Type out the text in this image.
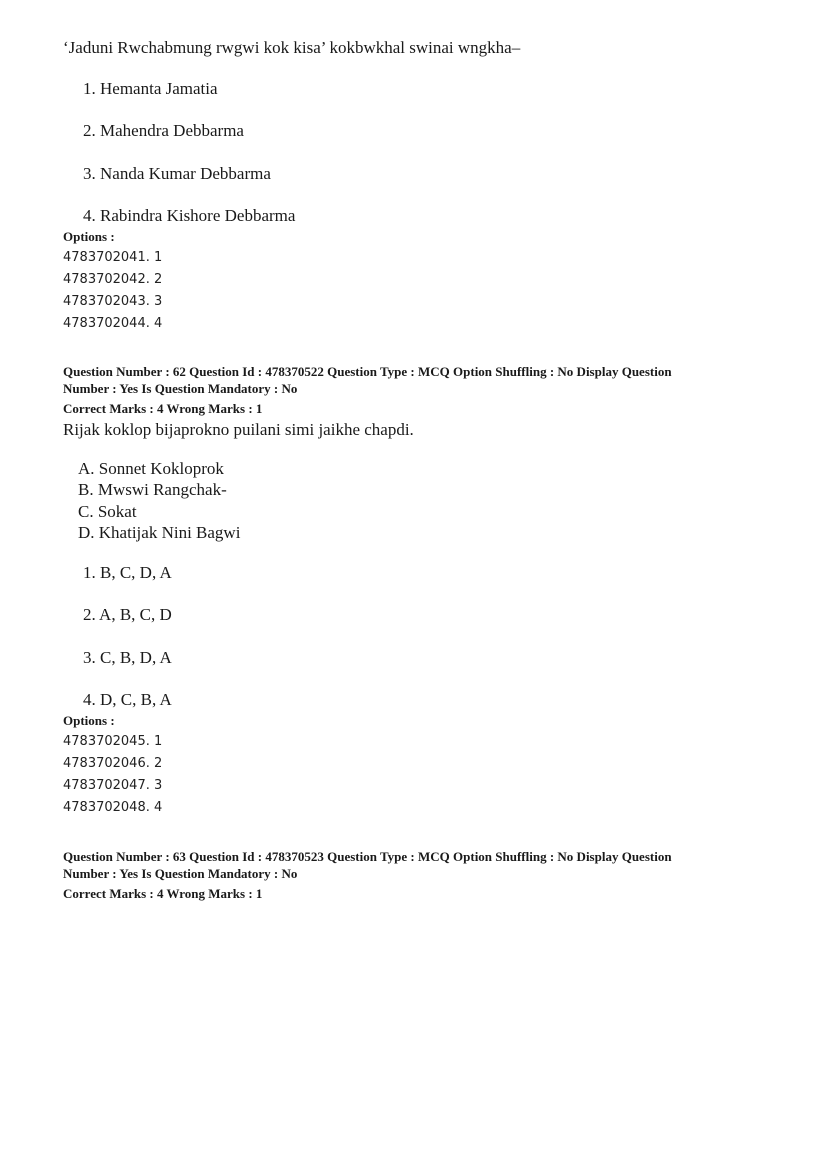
‘Jaduni Rwchabmung rwgwi kok kisa’ kokbwkhal swinai wngkha–
1. Hemanta Jamatia
2. Mahendra Debbarma
3. Nanda Kumar Debbarma
4. Rabindra Kishore Debbarma
Options :
4783702041. 1
4783702042. 2
4783702043. 3
4783702044. 4
Question Number : 62 Question Id : 478370522 Question Type : MCQ Option Shuffling : No Display Question
Number : Yes Is Question Mandatory : No
Correct Marks : 4 Wrong Marks : 1
Rijak koklop bijaprokno puilani simi jaikhe chapdi.
A. Sonnet Kokloprok
B. Mwswi Rangchak-
C. Sokat
D. Khatijak Nini Bagwi
1. B, C, D, A
2. A, B, C, D
3. C, B, D, A
4. D, C, B, A
Options :
4783702045. 1
4783702046. 2
4783702047. 3
4783702048. 4
Question Number : 63 Question Id : 478370523 Question Type : MCQ Option Shuffling : No Display Question
Number : Yes Is Question Mandatory : No
Correct Marks : 4 Wrong Marks : 1
